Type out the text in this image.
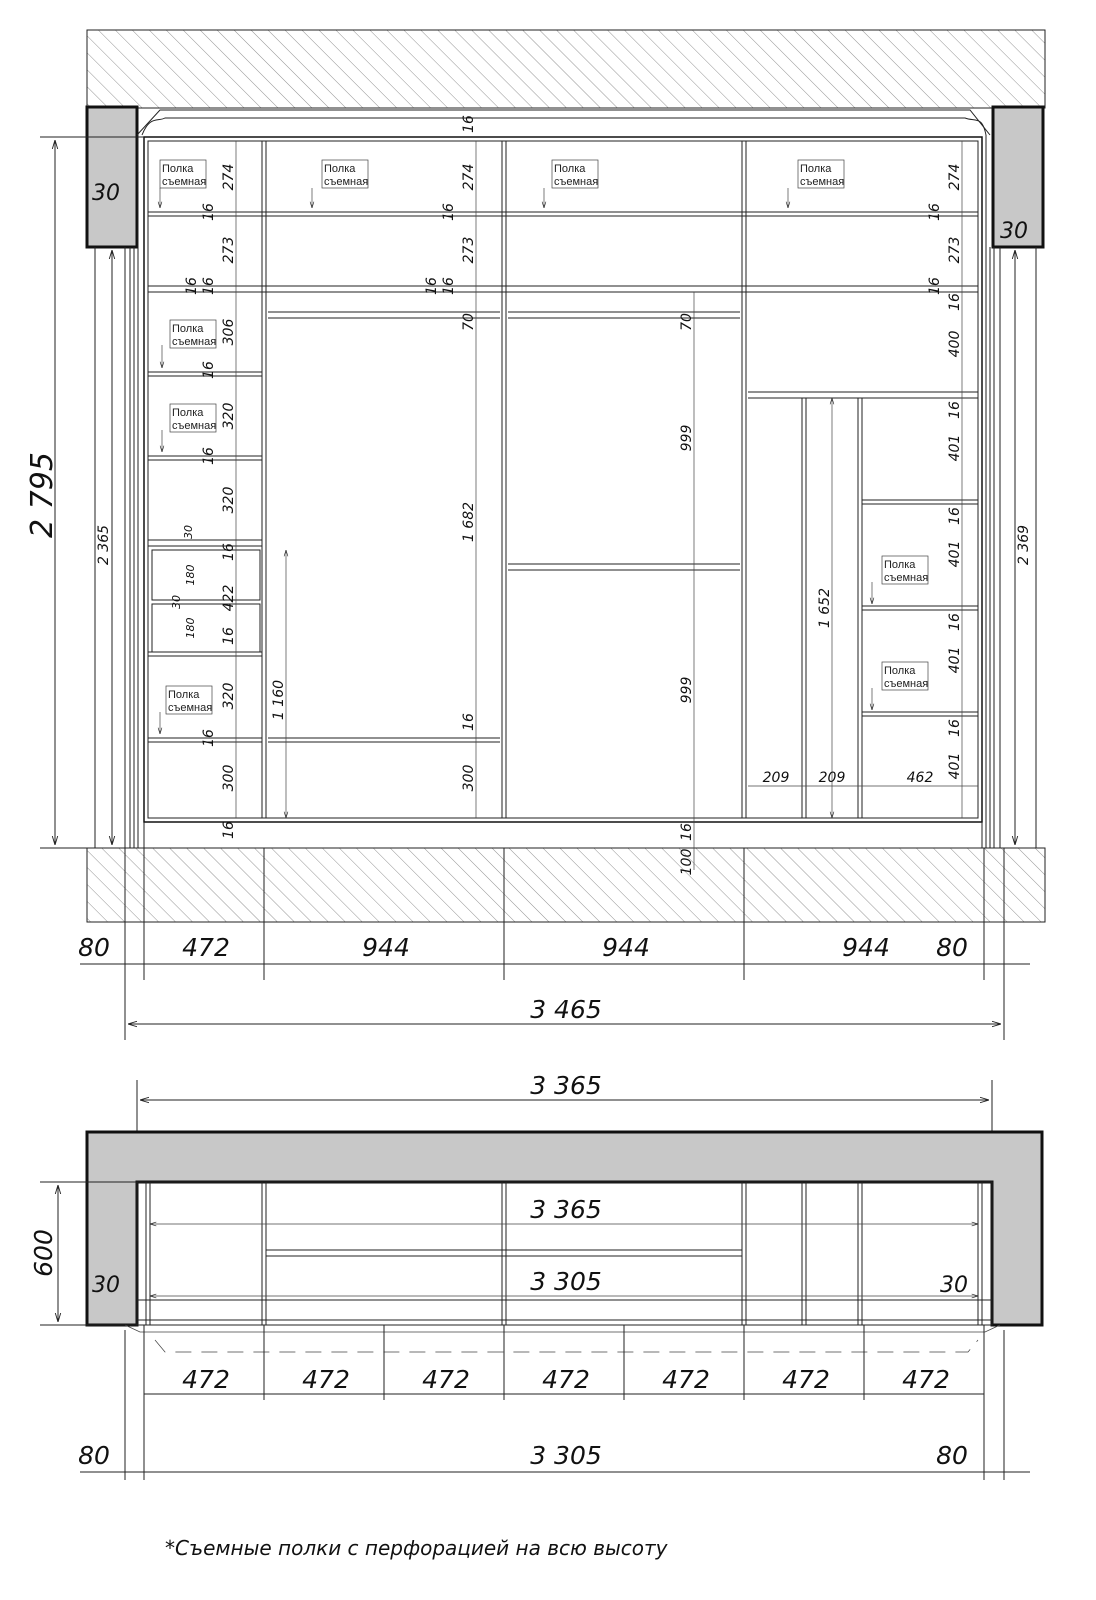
Полка
съемная
Полка
съемная
Полка
съемная
Полка
съемная
Полка
съемная
Полка
съемная
Полка
съемная
Полка
съемная
Полка
съемная
2 795
2 365	2 369
30
30
274
16
273
16 16
306
16
320
16
320
30
16
180
422
30
180 16
320
16
300
16
1 160
16
274
16
273
16 16
70
1 682
16
300
70
999
999
16
100
274
16
273
16
16
400
16
401
16
401
16
401
16
401
1 652
209 209	462
80	472	944	944	944 80
3 465
3 365
3 365
3 305
600
30	30
472	472	472	472	472	472	472
80	3 305	80
*Съемные полки с перфорацией на всю высоту
